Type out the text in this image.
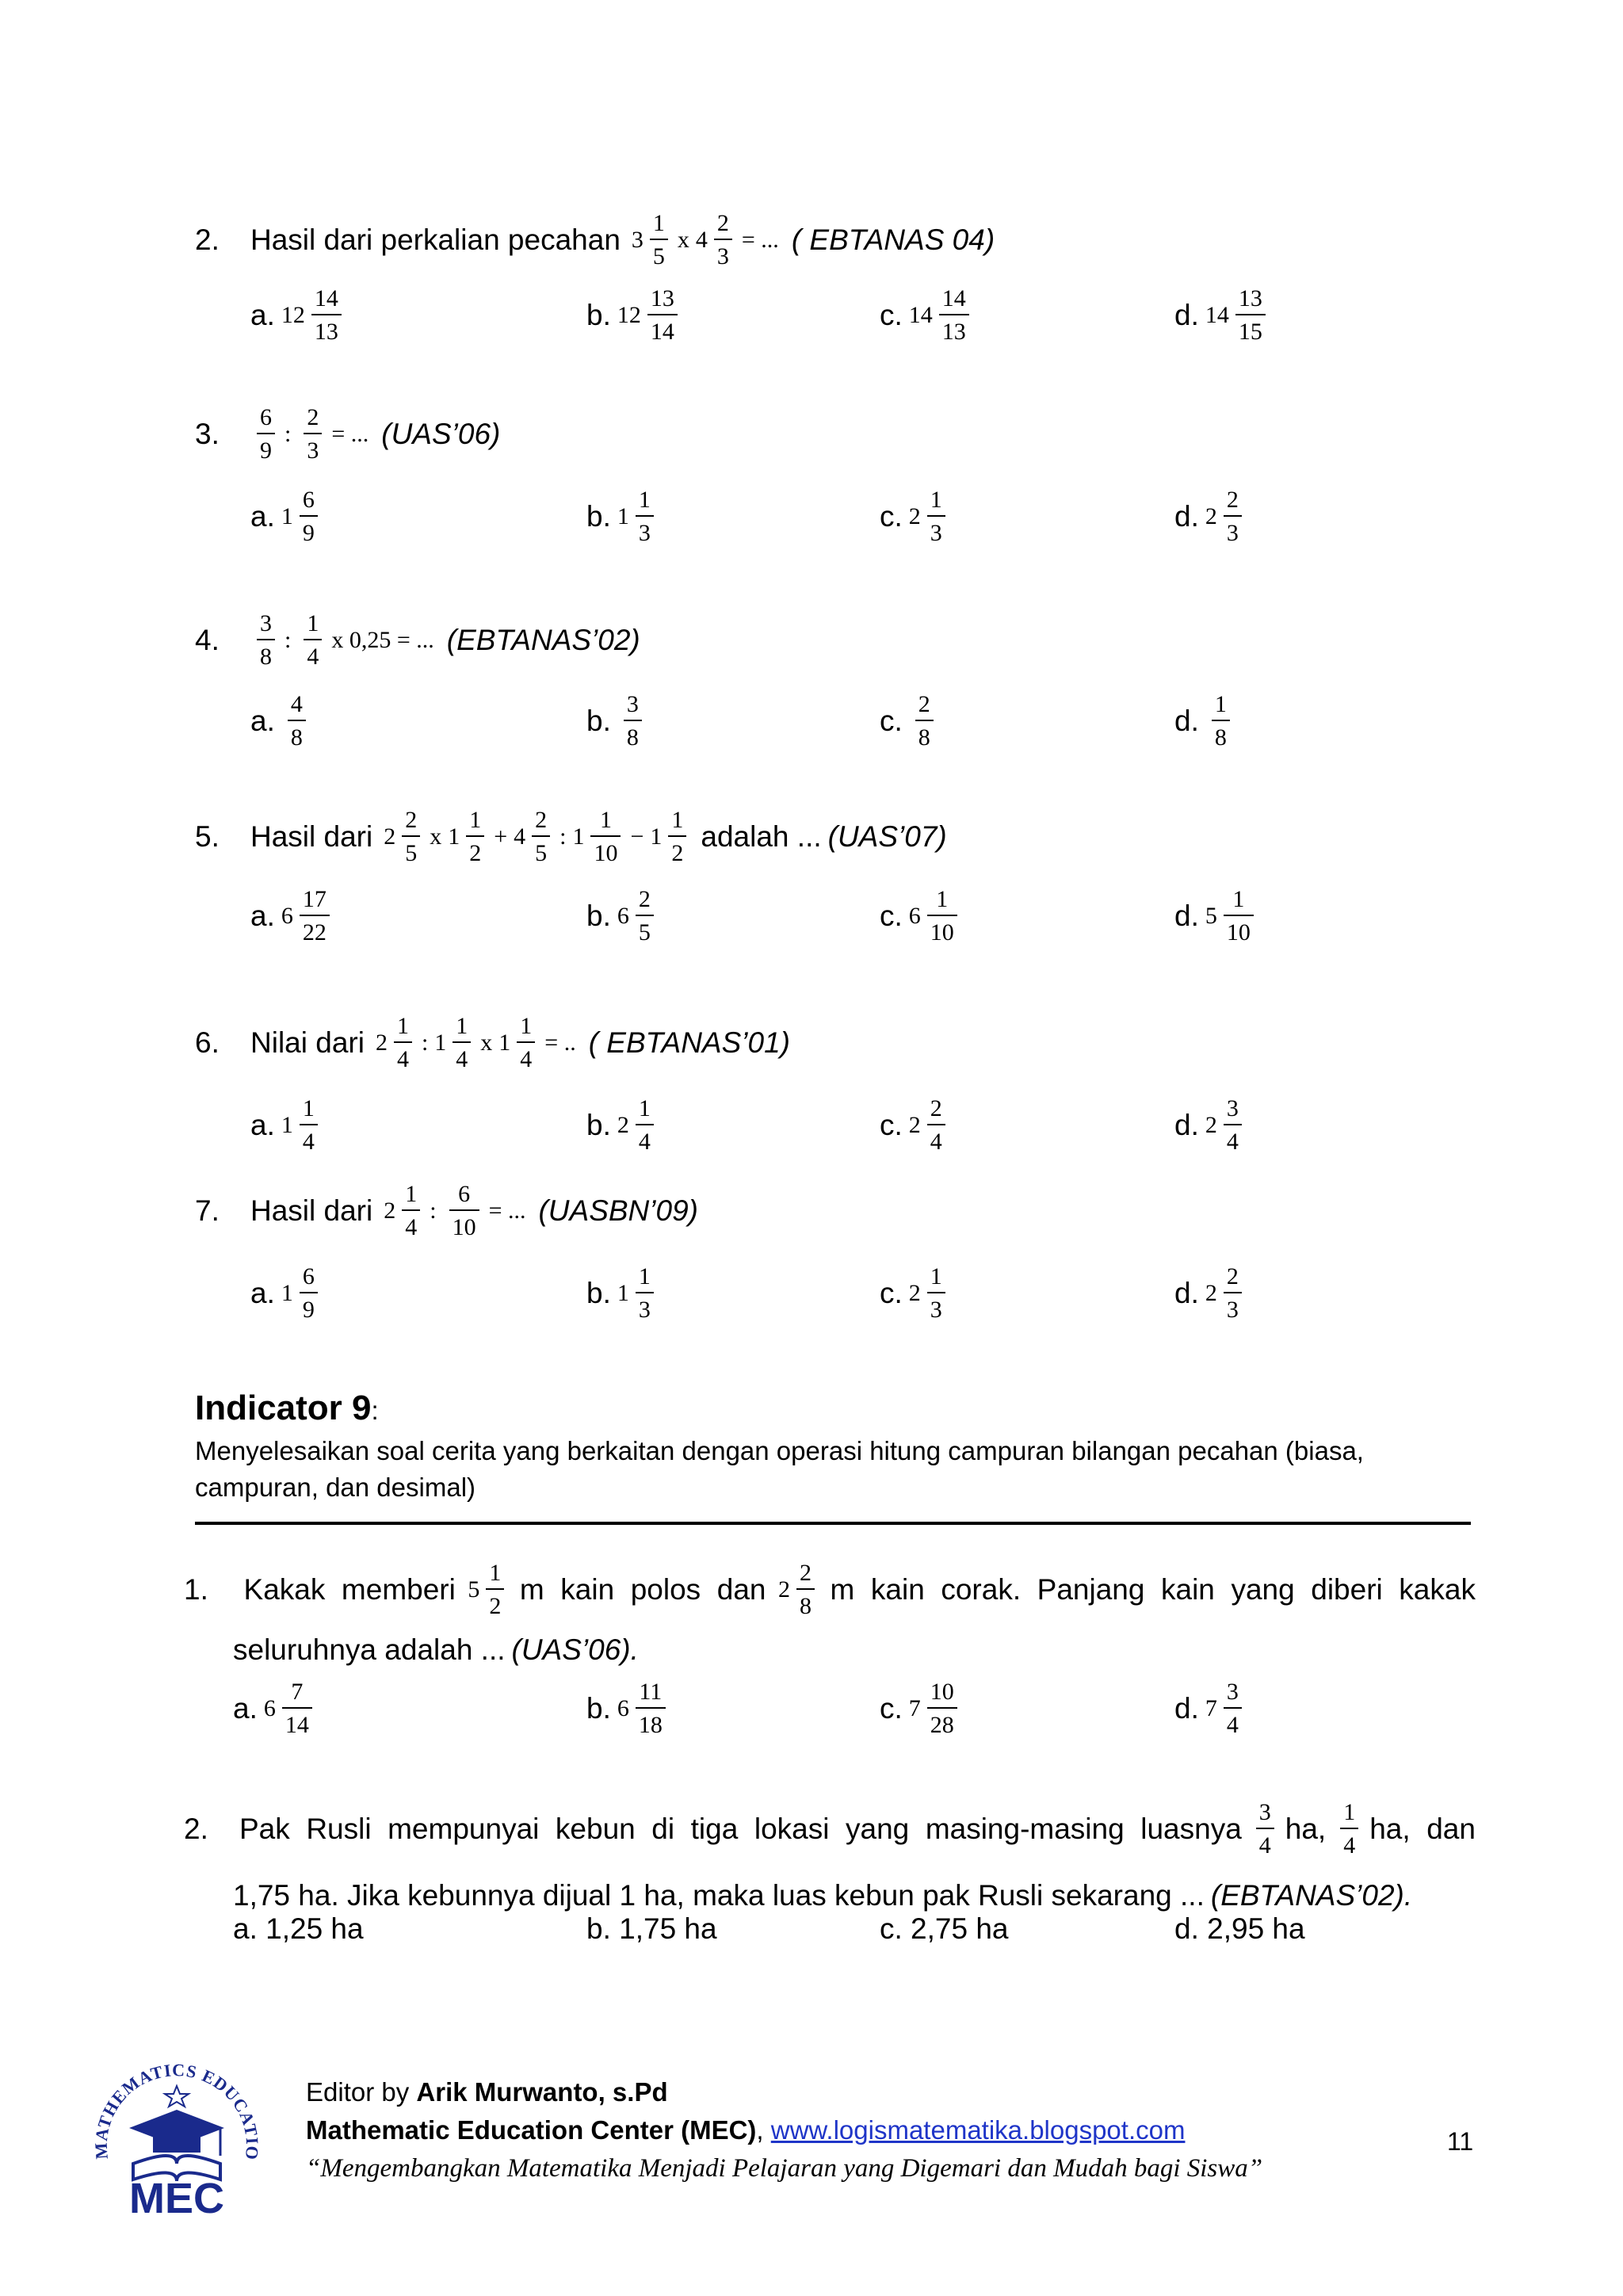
2.	Hasil dari perkalian pecahan $3 \frac{1}{5}$ x $4 \frac{2}{3}$ = ... ( EBTANAS 04)
a. $12 \frac{14}{13}$	b. $12 \frac{13}{14}$	c. $14 \frac{14}{13}$	d. $14 \frac{13}{15}$
3.	$\frac{6}{9}$ : $\frac{2}{3}$ = ... (UAS’06)
a. $1 \frac{6}{9}$	b. $1 \frac{1}{3}$	c. $2 \frac{1}{3}$	d. $2 \frac{2}{3}$
4.	$\frac{3}{8}$ : $\frac{1}{4}$ x 0,25 = ... (EBTANAS’02)
a. $\frac{4}{8}$	b. $\frac{3}{8}$	c. $\frac{2}{8}$	d. $\frac{1}{8}$
5.	Hasil dari $2 \frac{2}{5}$ x $1 \frac{1}{2} + 4 \frac{2}{5}$ : $1 \frac{1}{10} - 1 \frac{1}{2}$ adalah ... (UAS’07)
a. $6 \frac{17}{22}$	b. $6 \frac{2}{5}$	c. $6 \frac{1}{10}$	d. $5 \frac{1}{10}$
6.	Nilai dari $2 \frac{1}{4}$ : $1 \frac{1}{4}$ x $1 \frac{1}{4}$ = .. ( EBTANAS’01)
a. $1 \frac{1}{4}$	b. $2 \frac{1}{4}$	c. $2 \frac{2}{4}$	d. $2 \frac{3}{4}$
7.	Hasil dari $2 \frac{1}{4}$ : $\frac{6}{10}$ = ... (UASBN’09)
a. $1 \frac{6}{9}$	b. $1 \frac{1}{3}$	c. $2 \frac{1}{3}$	d. $2 \frac{2}{3}$
Indicator 9:
Menyelesaikan soal cerita yang berkaitan dengan operasi hitung campuran bilangan pecahan (biasa,
campuran, dan desimal)
1.	Kakak  memberi $5 \frac{1}{2}$ m  kain  polos  dan $2 \frac{2}{8}$ m  kain  corak.  Panjang  kain  yang  diberi  kakak
seluruhnya adalah ... (UAS’06).
a. $6 \frac{7}{14}$	b. $6 \frac{11}{18}$	c. $7 \frac{10}{28}$	d. $7 \frac{3}{4}$
2.	Pak  Rusli  mempunyai  kebun  di  tiga  lokasi  yang  masing-masing  luasnya $\frac{3}{4}$ ha, $\frac{1}{4}$ ha,  dan
1,75 ha. Jika kebunnya dijual 1 ha, maka luas kebun pak Rusli sekarang ... (EBTANAS’02).
a. 1,25 ha	b. 1,75 ha	c. 2,75 ha	d. 2,95 ha
MATHEMATICS EDUCATIO
MEC
Editor by Arik Murwanto, s.Pd
Mathematic Education Center (MEC), www.logismatematika.blogspot.com
“Mengembangkan Matematika Menjadi Pelajaran yang Digemari dan Mudah bagi Siswa”
11
